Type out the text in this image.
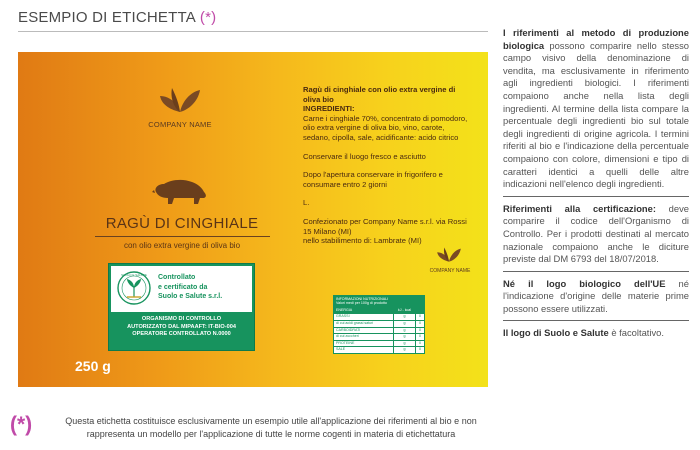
ESEMPIO DI ETICHETTA (*)
COMPANY NAME
RAGÙ DI CINGHIALE
con olio extra vergine di oliva bio
SUOLO E SALUTE Controllato
e certificato da
Suolo e Salute s.r.l.
ORGANISMO DI CONTROLLO
AUTORIZZATO DAL MIPAAFT: IT-BIO-004
OPERATORE CONTROLLATO N.0000
250 g
Ragù di cinghiale con olio extra vergine di oliva bio
INGREDIENTI:

Carne i cinghiale 70%, concentrato di pomodoro, olio extra vergine di oliva bio, vino, carote, sedano, cipolla, sale, acidificante: acido citrico

Conservare il luogo fresco e asciutto

Dopo l'apertura conservare in frigorifero e consumare entro 2 giorni

L.

Confezionato per Company Name s.r.l. via Rossi 15 Milano (MI)
nello stabilimento di: Lambrate (MI)
COMPANY NAME
INFORMAZIONI NUTRIZIONALI
Valori medi per 100g di prodotto
ENERGIA	kJ - kcal
GRASSI	g	0
di cui acidi grassi saturi	g	0
CARBOIDRATI	g	0
di cui zuccheri	g	0
PROTEINE	g	0
SALE	g	0
(*)	Questa etichetta costituisce esclusivamente un esempio utile all'applicazione dei riferimenti al bio e non rappresenta un modello per l'applicazione di tutte le norme cogenti in materia di etichettatura

I riferimenti al metodo di produzione biologica possono comparire nello stesso campo visivo della denominazione di vendita, ma esclusivamente in riferimento agli ingredienti biologici. I riferimenti compaiono anche nella lista degli ingredienti. Al termine della lista compare la percentuale degli ingredienti bio sul totale degli ingredienti di origine agricola. I termini riferiti al bio e l'indicazione della percentuale compaiono con colore, dimensioni e tipo di caratteri identici a quelli delle altre indicazioni nell'elenco degli ingredienti.

Riferimenti alla certificazione: deve comparire il codice dell'Organismo di Controllo. Per i prodotti destinati al mercato nazionale compaiono anche le diciture previste dal DM 6793 del 18/07/2018.

Né il logo biologico dell'UE né l'indicazione d'origine delle materie prime possono essere utilizzati.

Il logo di Suolo e Salute è facoltativo.
